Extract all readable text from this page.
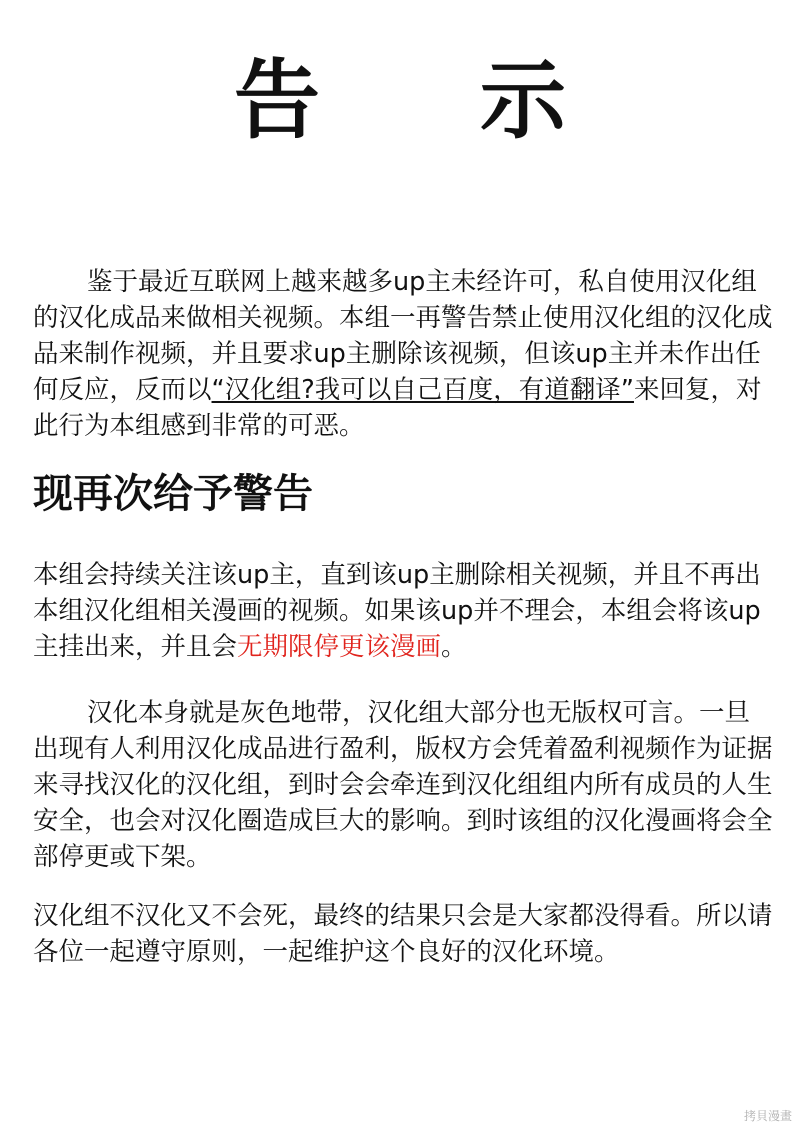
告 示

鉴于最近互联网上越来越多up主未经许可，私自使用汉化组的汉化成品来做相关视频。本组一再警告禁止使用汉化组的汉化成品来制作视频，并且要求up主删除该视频，但该up主并未作出任何反应，反而以“汉化组?我可以自己百度，有道翻译”来回复，对此行为本组感到非常的可恶。

现再次给予警告

本组会持续关注该up主，直到该up主删除相关视频，并且不再出本组汉化组相关漫画的视频。如果该up并不理会，本组会将该up主挂出来，并且会无期限停更该漫画。

汉化本身就是灰色地带，汉化组大部分也无版权可言。一旦出现有人利用汉化成品进行盈利，版权方会凭着盈利视频作为证据来寻找汉化的汉化组，到时会会牵连到汉化组组内所有成员的人生安全，也会对汉化圈造成巨大的影响。到时该组的汉化漫画将会全部停更或下架。

汉化组不汉化又不会死，最终的结果只会是大家都没得看。所以请各位一起遵守原则，一起维护这个良好的汉化环境。

拷貝漫畫
